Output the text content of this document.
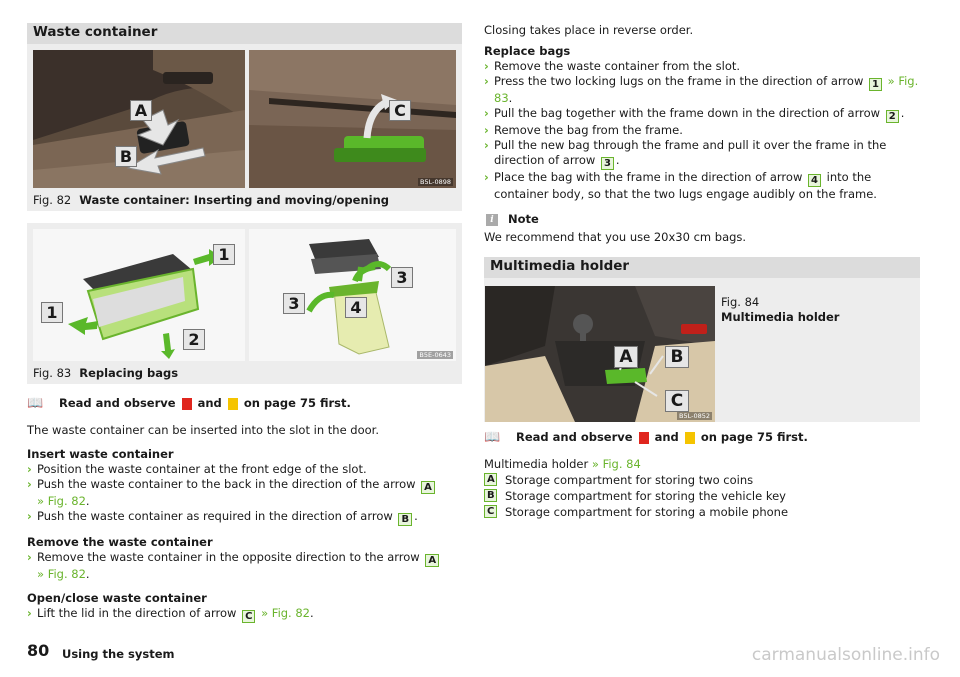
Waste container
A
B
C
B5L-0898
Fig. 82 Waste container: Inserting and moving/opening
1
1
2
3
3	4
B5E-0643
Fig. 83 Replacing bags
📖	Read and observe

and

on page 75 first.
The waste container can be inserted into the slot in the door.
Insert waste container
› Position the waste container at the front edge of the slot.
› Push the waste container to the back in the direction of the arrow A
» Fig. 82.
› Push the waste container as required in the direction of arrow B .
Remove the waste container
› Remove the waste container in the opposite direction to the arrow A
» Fig. 82.
Open/close waste container
› Lift the lid in the direction of arrow C » Fig. 82.
Closing takes place in reverse order.
Replace bags
› Remove the waste container from the slot.
› Press the two locking lugs on the frame in the direction of arrow 1 » Fig. 83.
› Pull the bag together with the frame down in the direction of arrow 2 .
› Remove the bag from the frame.
› Pull the new bag through the frame and pull it over the frame in the direction of arrow 3 .
› Place the bag with the frame in the direction of arrow 4 into the container body, so that the two lugs engage audibly on the frame.
i	Note
We recommend that you use 20x30 cm bags.
Multimedia holder
A	B
C
B5L-0852
Fig. 84
Multimedia holder
📖	Read and observe

and

on page 75 first.
Multimedia holder » Fig. 84
A Storage compartment for storing two coins
B Storage compartment for storing the vehicle key
C Storage compartment for storing a mobile phone
80 Using the system	carmanualsonline.info
